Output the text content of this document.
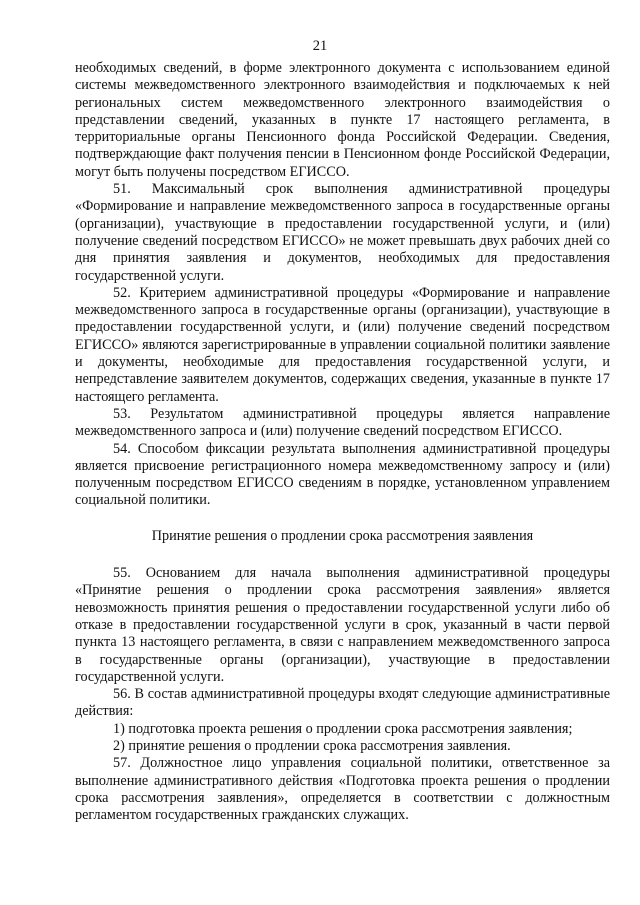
21

необходимых сведений, в форме электронного документа с использованием единой системы межведомственного электронного взаимодействия и подключаемых к ней региональных систем межведомственного электронного взаимодействия о представлении сведений, указанных в пункте 17 настоящего регламента, в территориальные органы Пенсионного фонда Российской Федерации. Сведения, подтверждающие факт получения пенсии в Пенсионном фонде Российской Федерации, могут быть получены посредством ЕГИССО.

51. Максимальный срок выполнения административной процедуры «Формирование и направление межведомственного запроса в государственные органы (организации), участвующие в предоставлении государственной услуги, и (или) получение сведений посредством ЕГИССО» не может превышать двух рабочих дней со дня принятия заявления и документов, необходимых для предоставления государственной услуги.

52. Критерием административной процедуры «Формирование и направление межведомственного запроса в государственные органы (организации), участвующие в предоставлении государственной услуги, и (или) получение сведений посредством ЕГИССО» являются зарегистрированные в управлении социальной политики заявление и документы, необходимые для предоставления государственной услуги, и непредставление заявителем документов, содержащих сведения, указанные в пункте 17 настоящего регламента.

53. Результатом административной процедуры является направление межведомственного запроса и (или) получение сведений посредством ЕГИССО.

54. Способом фиксации результата выполнения административной процедуры является присвоение регистрационного номера межведомственному запросу и (или) полученным посредством ЕГИССО сведениям в порядке, установленном управлением социальной политики.

Принятие решения о продлении срока рассмотрения заявления

55. Основанием для начала выполнения административной процедуры «Принятие решения о продлении срока рассмотрения заявления» является невозможность принятия решения о предоставлении государственной услуги либо об отказе в предоставлении государственной услуги в срок, указанный в части первой пункта 13 настоящего регламента, в связи с направлением межведомственного запроса в государственные органы (организации), участвующие в предоставлении государственной услуги.

56. В состав административной процедуры входят следующие административные действия:

1) подготовка проекта решения о продлении срока рассмотрения заявления;

2) принятие решения о продлении срока рассмотрения заявления.

57. Должностное лицо управления социальной политики, ответственное за выполнение административного действия «Подготовка проекта решения о продлении срока рассмотрения заявления», определяется в соответствии с должностным регламентом государственных гражданских служащих.
